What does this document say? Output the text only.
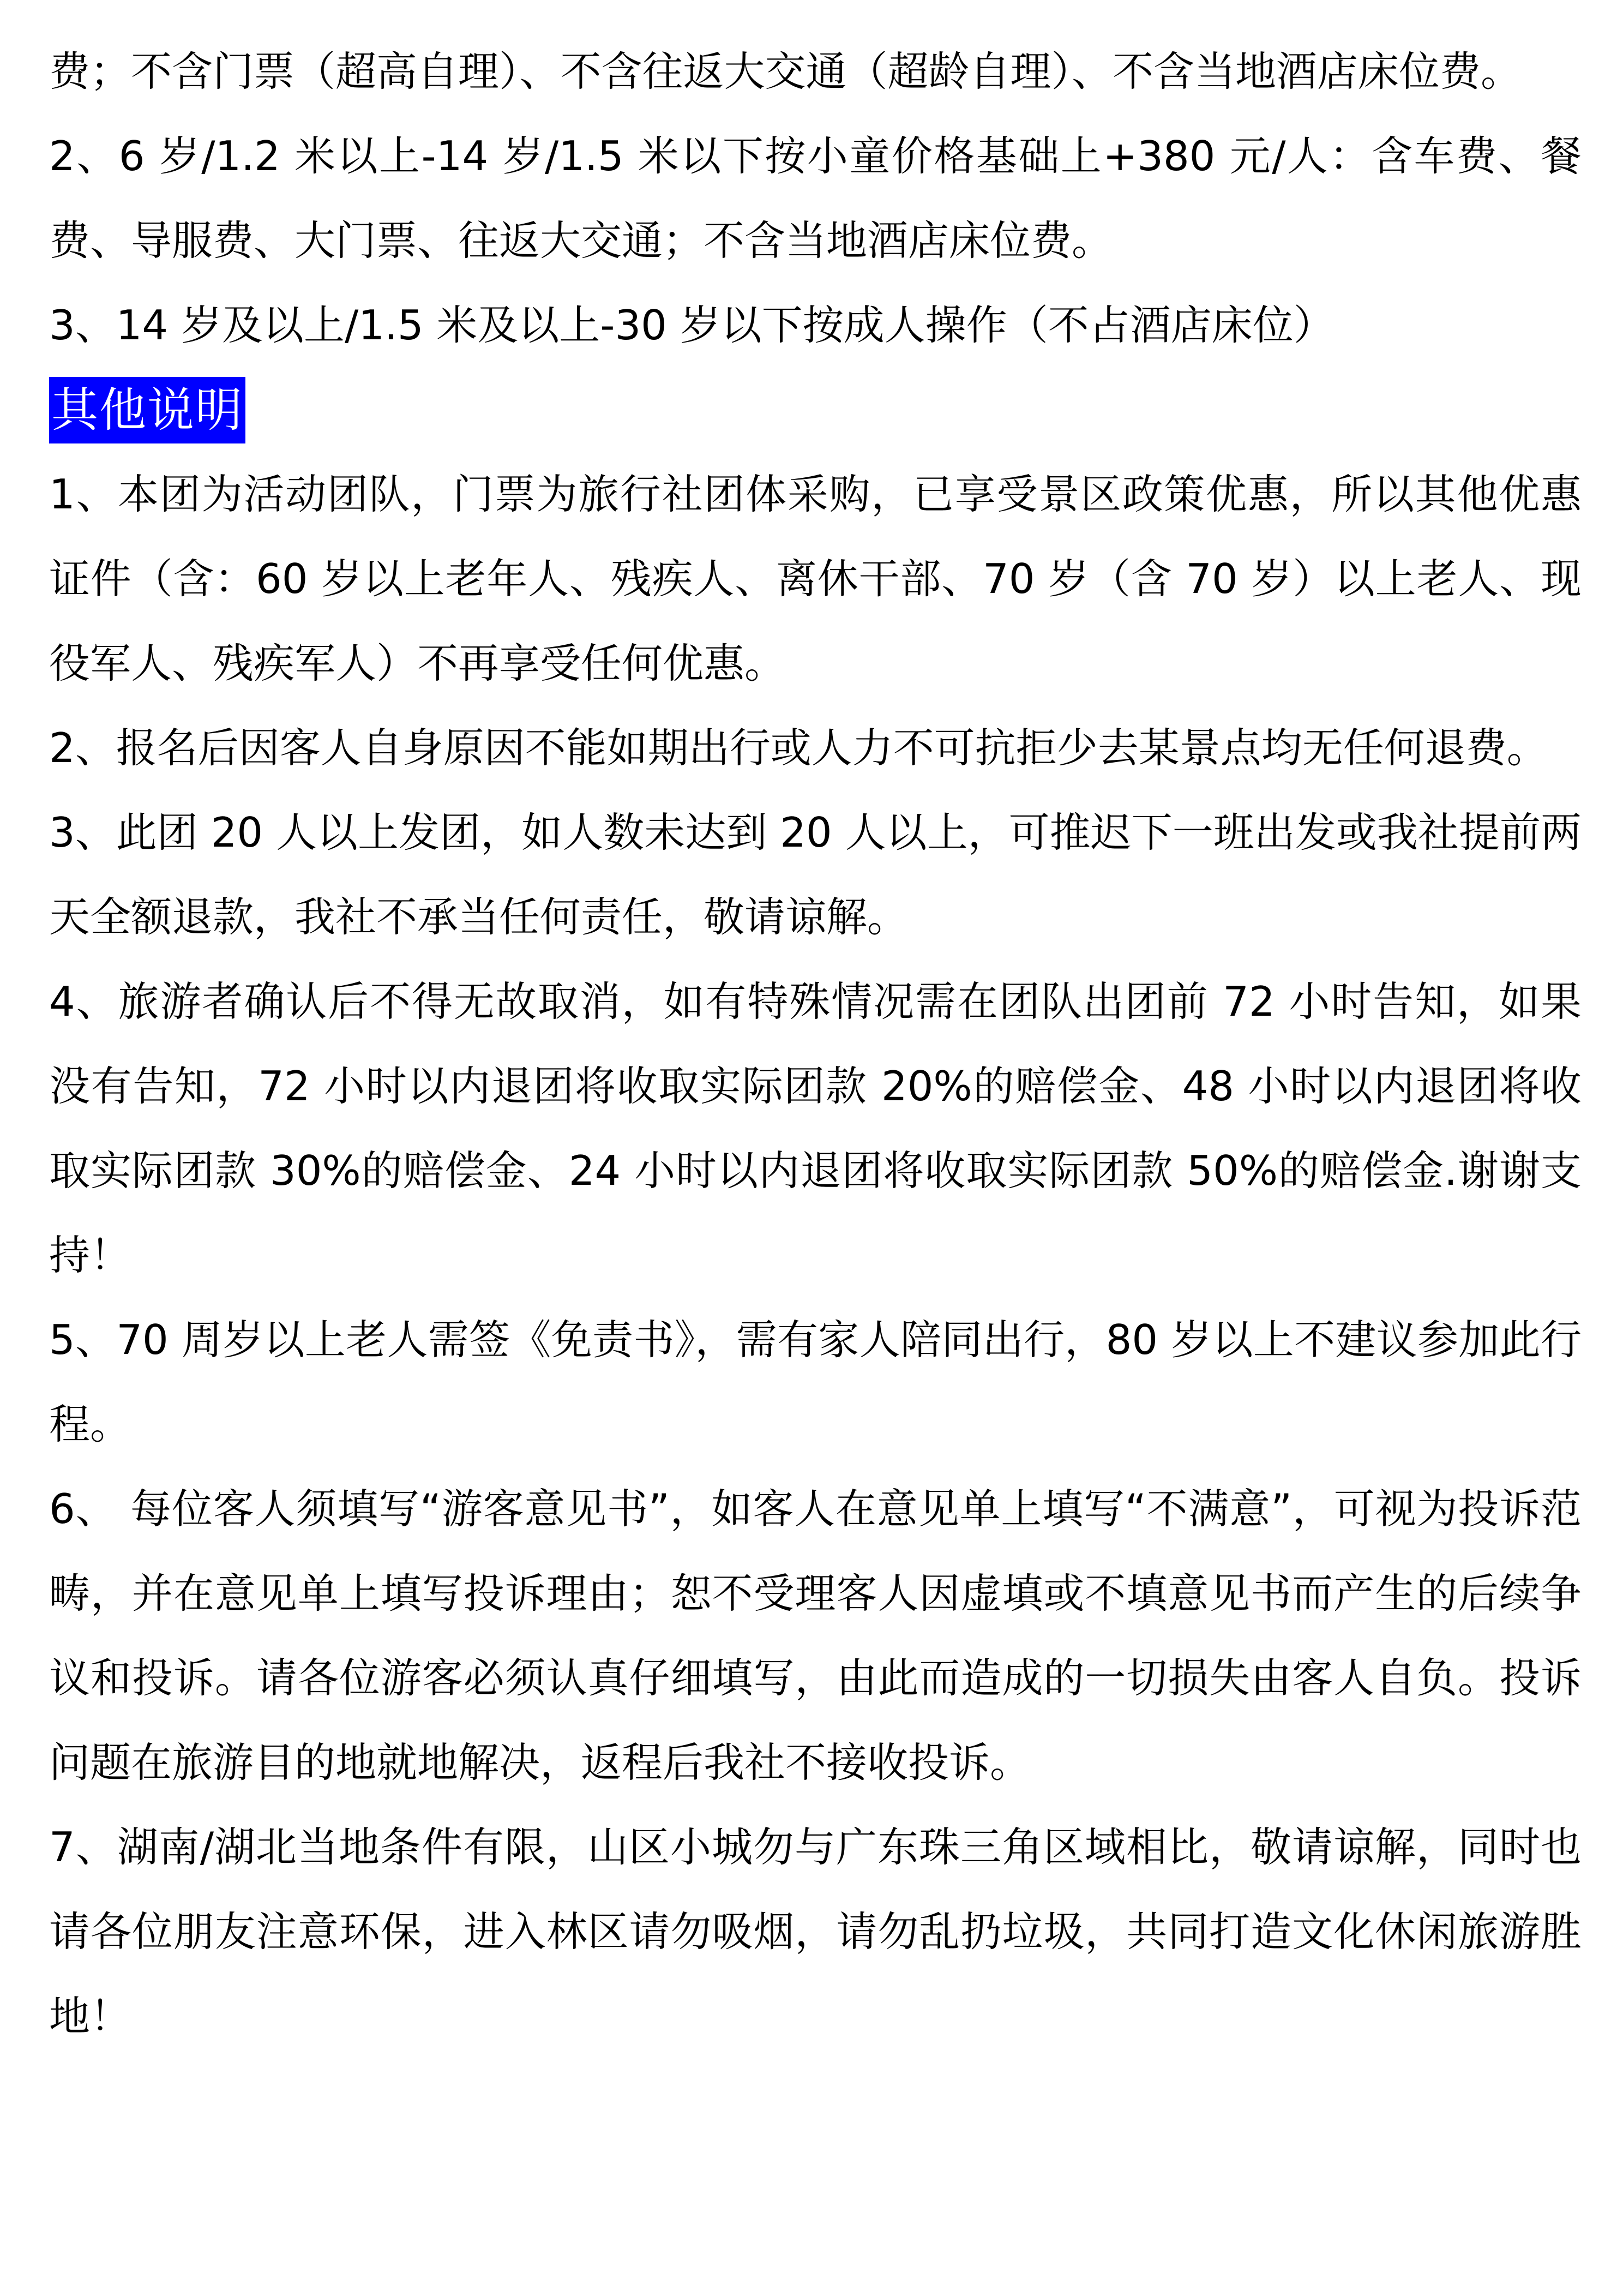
费；不含门票（超高自理）、不含往返大交通（超龄自理）、不含当地酒店床位费。

2、6 岁/1.2 米以上-14 岁/1.5 米以下按小童价格基础上+380 元/人：含车费、餐费、导服费、大门票、往返大交通；不含当地酒店床位费。

3、14 岁及以上/1.5 米及以上-30 岁以下按成人操作（不占酒店床位）

其他说明

1、本团为活动团队，门票为旅行社团体采购，已享受景区政策优惠，所以其他优惠证件（含：60 岁以上老年人、残疾人、离休干部、70 岁（含 70 岁）以上老人、现役军人、残疾军人）不再享受任何优惠。

2、报名后因客人自身原因不能如期出行或人力不可抗拒少去某景点均无任何退费。

3、此团 20 人以上发团，如人数未达到 20 人以上，可推迟下一班出发或我社提前两天全额退款，我社不承当任何责任，敬请谅解。

4、旅游者确认后不得无故取消，如有特殊情况需在团队出团前 72 小时告知，如果没有告知，72 小时以内退团将收取实际团款 20%的赔偿金、48 小时以内退团将收取实际团款 30%的赔偿金、24 小时以内退团将收取实际团款 50%的赔偿金.谢谢支持！

5、70 周岁以上老人需签《免责书》，需有家人陪同出行，80 岁以上不建议参加此行程。

6、 每位客人须填写“游客意见书”，如客人在意见单上填写“不满意”，可视为投诉范畴，并在意见单上填写投诉理由；恕不受理客人因虚填或不填意见书而产生的后续争议和投诉。请各位游客必须认真仔细填写，由此而造成的一切损失由客人自负。投诉问题在旅游目的地就地解决，返程后我社不接收投诉。

7、湖南/湖北当地条件有限，山区小城勿与广东珠三角区域相比，敬请谅解，同时也请各位朋友注意环保，进入林区请勿吸烟，请勿乱扔垃圾，共同打造文化休闲旅游胜地！
